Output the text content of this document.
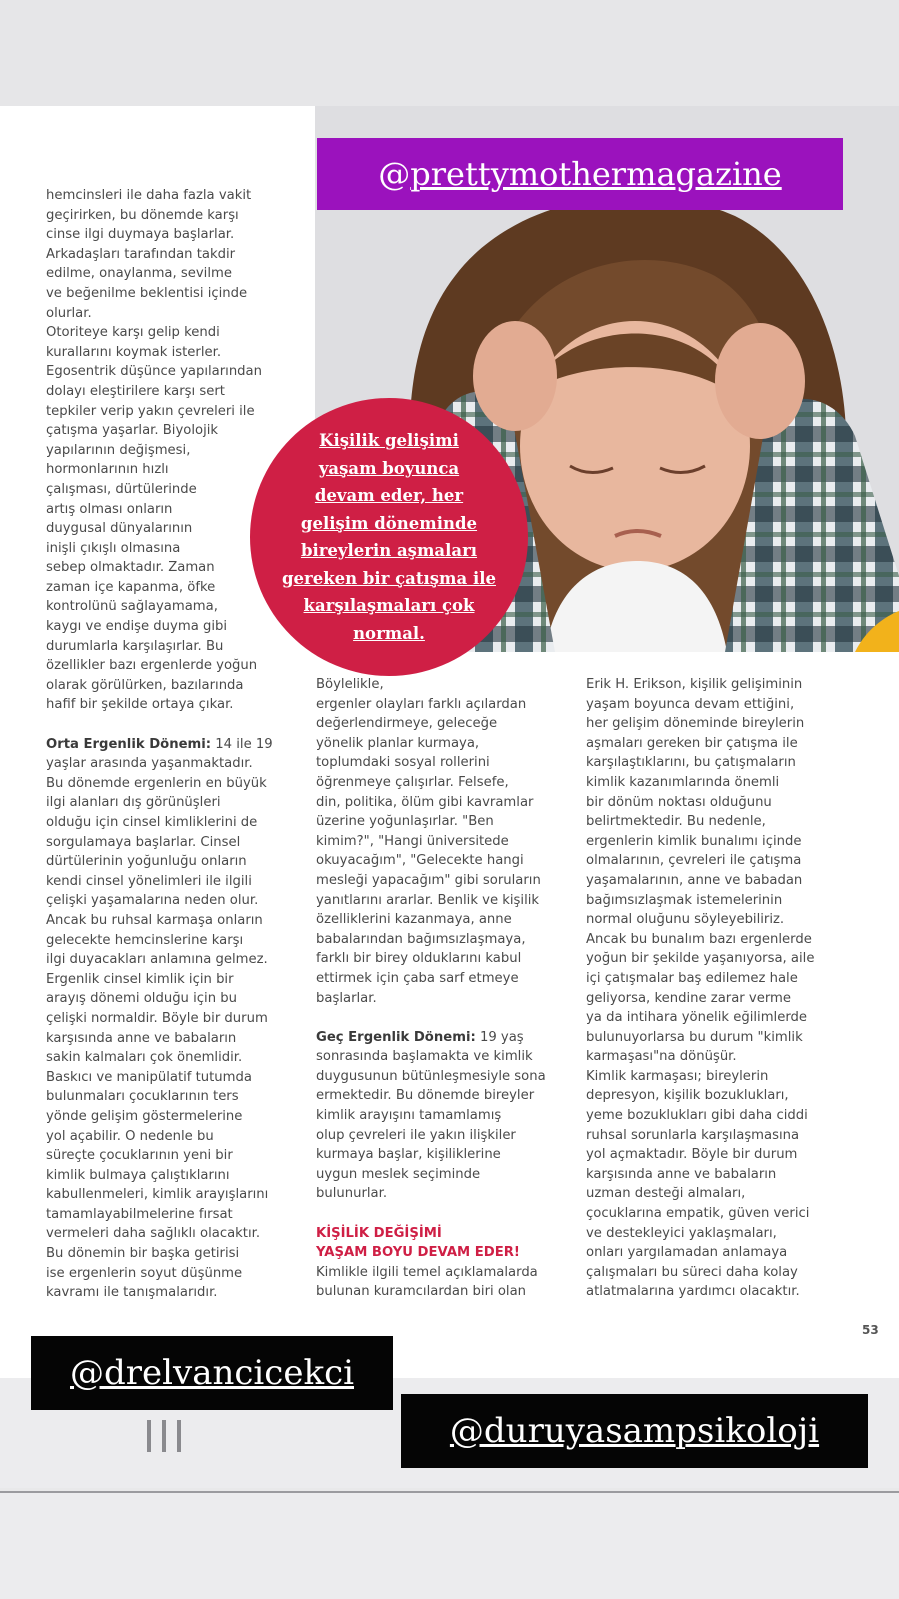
@prettymothermagazine
Kişilik gelişimi
yaşam boyunca
devam eder, her
gelişim döneminde
bireylerin aşmaları
gereken bir çatışma ile
karşılaşmaları çok
normal.
hemcinsleri ile daha fazla vakit
geçirirken, bu dönemde karşı
cinse ilgi duymaya başlarlar.
Arkadaşları tarafından takdir
edilme, onaylanma, sevilme
ve beğenilme beklentisi içinde
olurlar.
Otoriteye karşı gelip kendi
kurallarını koymak isterler.
Egosentrik düşünce yapılarından
dolayı eleştirilere karşı sert
tepkiler verip yakın çevreleri ile
çatışma yaşarlar. Biyolojik
yapılarının değişmesi,
hormonlarının hızlı
çalışması, dürtülerinde
artış olması onların
duygusal dünyalarının
inişli çıkışlı olmasına
sebep olmaktadır. Zaman
zaman içe kapanma, öfke
kontrolünü sağlayamama,
kaygı ve endişe duyma gibi
durumlarla karşılaşırlar. Bu
özellikler bazı ergenlerde yoğun
olarak görülürken, bazılarında
hafif bir şekilde ortaya çıkar.

Orta Ergenlik Dönemi: 14 ile 19
yaşlar arasında yaşanmaktadır.
Bu dönemde ergenlerin en büyük
ilgi alanları dış görünüşleri
olduğu için cinsel kimliklerini de
sorgulamaya başlarlar. Cinsel
dürtülerinin yoğunluğu onların
kendi cinsel yönelimleri ile ilgili
çelişki yaşamalarına neden olur.
Ancak bu ruhsal karmaşa onların
gelecekte hemcinslerine karşı
ilgi duyacakları anlamına gelmez.
Ergenlik cinsel kimlik için bir
arayış dönemi olduğu için bu
çelişki normaldir. Böyle bir durum
karşısında anne ve babaların
sakin kalmaları çok önemlidir.
Baskıcı ve manipülatif tutumda
bulunmaları çocuklarının ters
yönde gelişim göstermelerine
yol açabilir. O nedenle bu
süreçte çocuklarının yeni bir
kimlik bulmaya çalıştıklarını
kabullenmeleri, kimlik arayışlarını
tamamlayabilmelerine fırsat
vermeleri daha sağlıklı olacaktır.
Bu dönemin bir başka getirisi
ise ergenlerin soyut düşünme
kavramı ile tanışmalarıdır.
Böylelikle,
ergenler olayları farklı açılardan
değerlendirmeye, geleceğe
yönelik planlar kurmaya,
toplumdaki sosyal rollerini
öğrenmeye çalışırlar. Felsefe,
din, politika, ölüm gibi kavramlar
üzerine yoğunlaşırlar. "Ben
kimim?", "Hangi üniversitede
okuyacağım", "Gelecekte hangi
mesleği yapacağım" gibi soruların
yanıtlarını ararlar. Benlik ve kişilik
özelliklerini kazanmaya, anne
babalarından bağımsızlaşmaya,
farklı bir birey olduklarını kabul
ettirmek için çaba sarf etmeye
başlarlar.

Geç Ergenlik Dönemi: 19 yaş
sonrasında başlamakta ve kimlik
duygusunun bütünleşmesiyle sona
ermektedir. Bu dönemde bireyler
kimlik arayışını tamamlamış
olup çevreleri ile yakın ilişkiler
kurmaya başlar, kişiliklerine
uygun meslek seçiminde
bulunurlar.

KİŞİLİK DEĞİŞİMİ
YAŞAM BOYU DEVAM EDER!
Kimlikle ilgili temel açıklamalarda
bulunan kuramcılardan biri olan
Erik H. Erikson, kişilik gelişiminin
yaşam boyunca devam ettiğini,
her gelişim döneminde bireylerin
aşmaları gereken bir çatışma ile
karşılaştıklarını, bu çatışmaların
kimlik kazanımlarında önemli
bir dönüm noktası olduğunu
belirtmektedir. Bu nedenle,
ergenlerin kimlik bunalımı içinde
olmalarının, çevreleri ile çatışma
yaşamalarının, anne ve babadan
bağımsızlaşmak istemelerinin
normal oluğunu söyleyebiliriz.
Ancak bu bunalım bazı ergenlerde
yoğun bir şekilde yaşanıyorsa, aile
içi çatışmalar baş edilemez hale
geliyorsa, kendine zarar verme
ya da intihara yönelik eğilimlerde
bulunuyorlarsa bu durum "kimlik
karmaşası"na dönüşür.
Kimlik karmaşası; bireylerin
depresyon, kişilik bozuklukları,
yeme bozuklukları gibi daha ciddi
ruhsal sorunlarla karşılaşmasına
yol açmaktadır. Böyle bir durum
karşısında anne ve babaların
uzman desteği almaları,
çocuklarına empatik, güven verici
ve destekleyici yaklaşmaları,
onları yargılamadan anlamaya
çalışmaları bu süreci daha kolay
atlatmalarına yardımcı olacaktır.
53
@drelvancicekci
@duruyasampsikoloji
